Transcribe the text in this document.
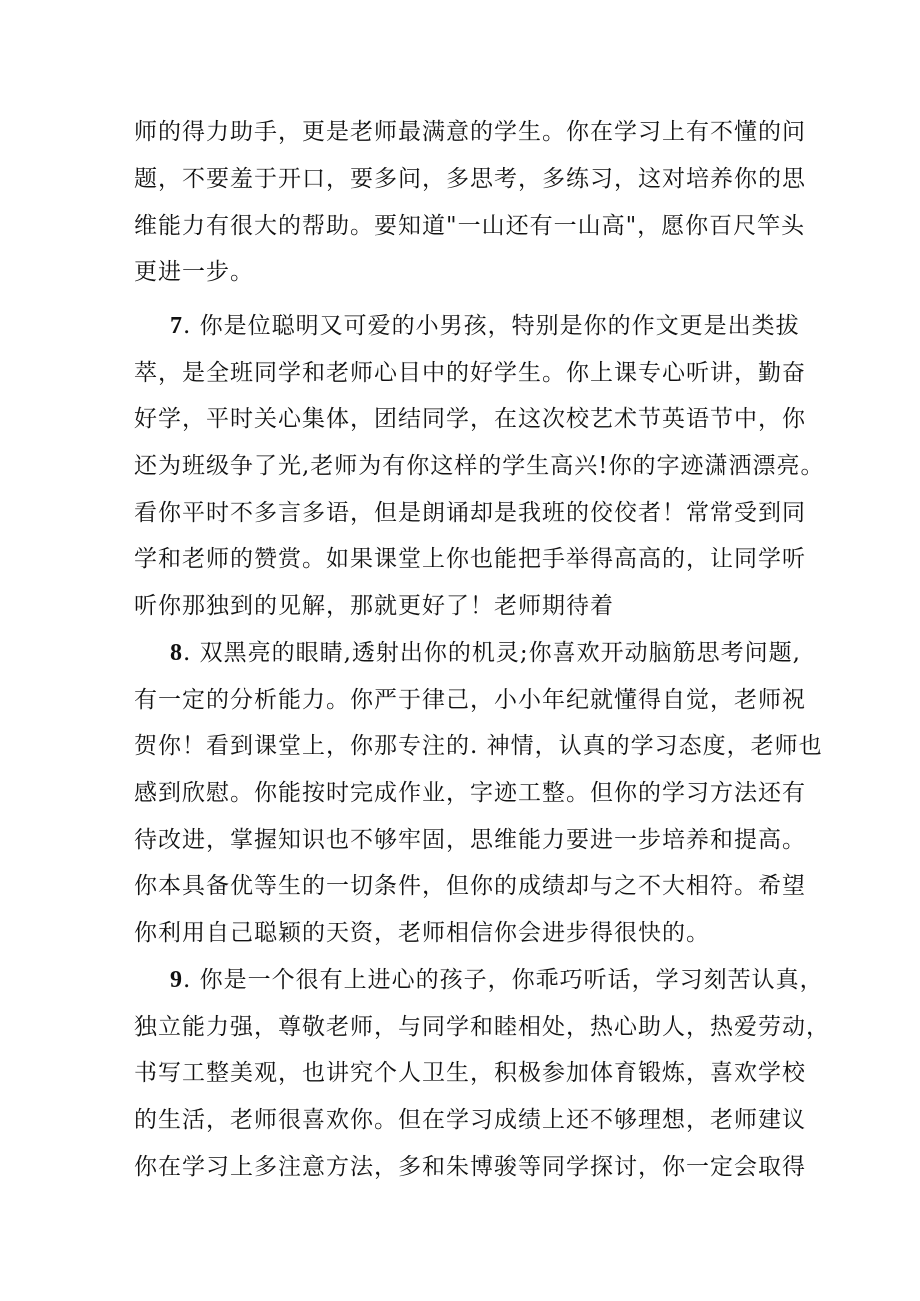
师的得力助手，更是老师最满意的学生。你在学习上有不懂的问
题，不要羞于开口，要多问，多思考，多练习，这对培养你的思
维能力有很大的帮助。要知道"一山还有一山高"，愿你百尺竿头
更进一步。
7. 你是位聪明又可爱的小男孩，特别是你的作文更是出类拔
萃，是全班同学和老师心目中的好学生。你上课专心听讲，勤奋
好学，平时关心集体，团结同学，在这次校艺术节英语节中，你
还为班级争了光,老师为有你这样的学生高兴!你的字迹潇洒漂亮。
看你平时不多言多语，但是朗诵却是我班的佼佼者！常常受到同
学和老师的赞赏。如果课堂上你也能把手举得高高的，让同学听
听你那独到的见解，那就更好了！老师期待着
8. 双黑亮的眼睛,透射出你的机灵;你喜欢开动脑筋思考问题,
有一定的分析能力。你严于律己，小小年纪就懂得自觉，老师祝
贺你！看到课堂上，你那专注的. 神情，认真的学习态度，老师也
感到欣慰。你能按时完成作业，字迹工整。但你的学习方法还有
待改进，掌握知识也不够牢固，思维能力要进一步培养和提高。
你本具备优等生的一切条件，但你的成绩却与之不大相符。希望
你利用自己聪颖的天资，老师相信你会进步得很快的。
9. 你是一个很有上进心的孩子，你乖巧听话，学习刻苦认真，
独立能力强，尊敬老师，与同学和睦相处，热心助人，热爱劳动，
书写工整美观，也讲究个人卫生，积极参加体育锻炼，喜欢学校
的生活，老师很喜欢你。但在学习成绩上还不够理想，老师建议
你在学习上多注意方法，多和朱博骏等同学探讨，你一定会取得
